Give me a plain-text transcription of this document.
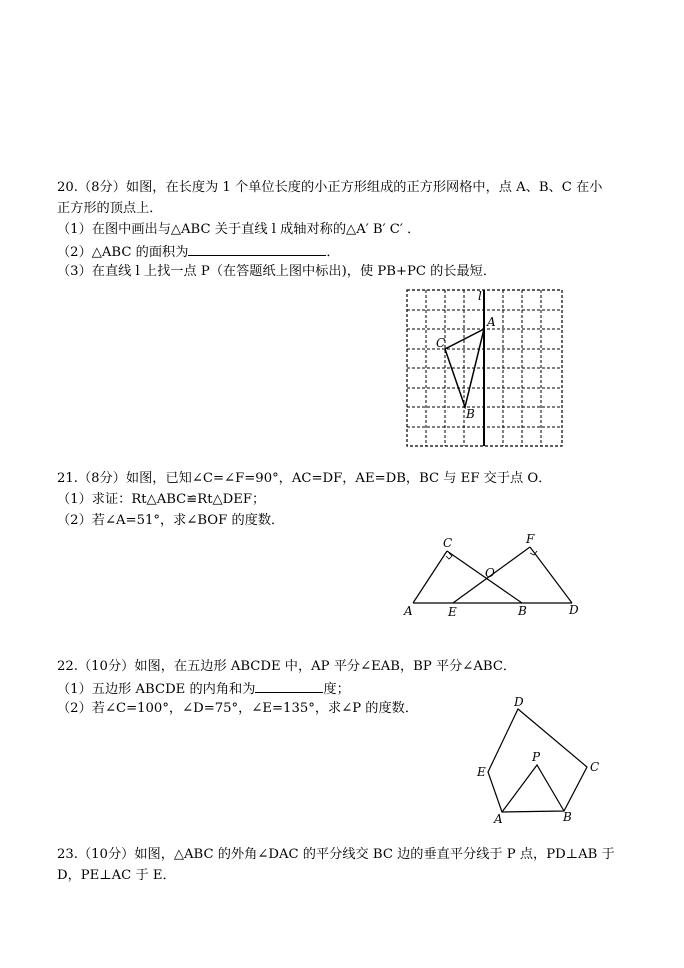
20.（8分）如图，在长度为 1 个单位长度的小正方形组成的正方形网格中，点 A、B、C 在小
正方形的顶点上．
（1）在图中画出与△ABC 关于直线 l 成轴对称的△A′ B′ C′ ．
（2）△ABC 的面积为	．
（3）在直线 l 上找一点 P（在答题纸上图中标出)，使 PB+PC 的长最短．
l
A
C
B
21.（8分）如图，已知∠C=∠F=90°，AC=DF，AE=DB，BC 与 EF 交于点 O．
（1）求证：Rt△ABC≌Rt△DEF；
（2）若∠A=51°，求∠BOF 的度数．
C	F
O
A	E	B	D
22.（10分）如图，在五边形 ABCDE 中，AP 平分∠EAB，BP 平分∠ABC．
（1）五边形 ABCDE 的内角和为	度；
（2）若∠C=100°，∠D=75°，∠E=135°，求∠P 的度数．	D
C
E
P
A	B
23.（10分）如图，△ABC 的外角∠DAC 的平分线交 BC 边的垂直平分线于 P 点，PD⊥AB 于
D，PE⊥AC 于 E．
